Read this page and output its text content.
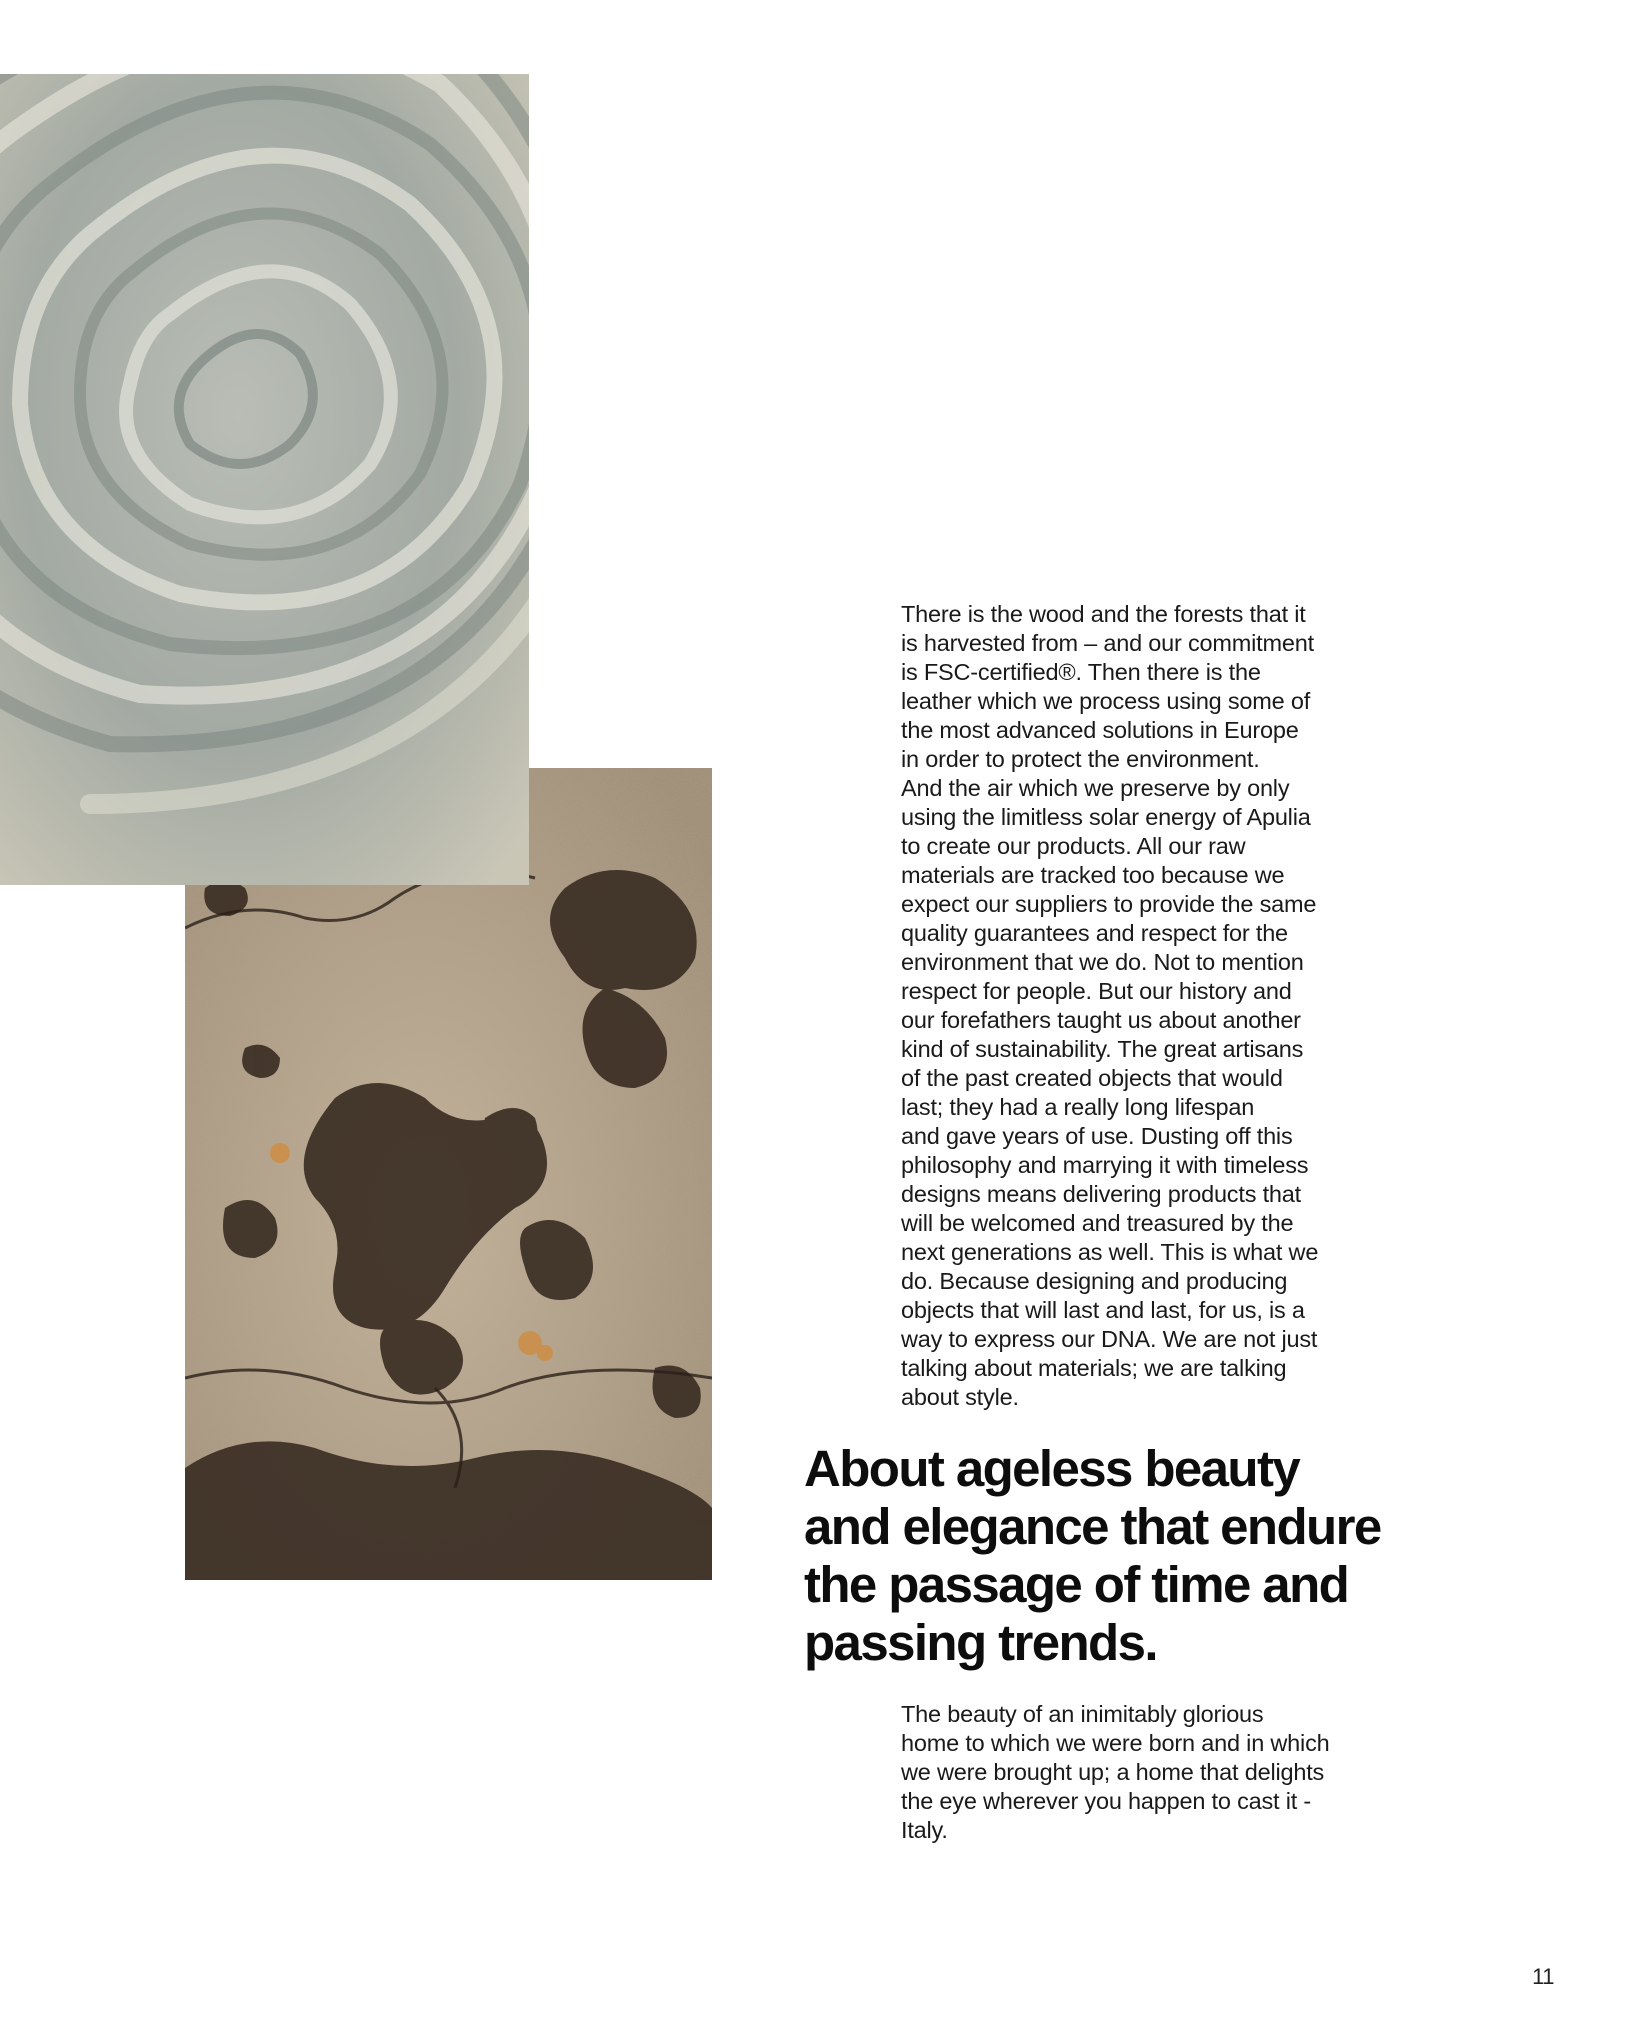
There is the wood and the forests that it
is harvested from – and our commitment
is FSC-certified®. Then there is the
leather which we process using some of
the most advanced solutions in Europe
in order to protect the environment.
And the air which we preserve by only
using the limitless solar energy of Apulia
to create our products. All our raw
materials are tracked too because we
expect our suppliers to provide the same
quality guarantees and respect for the
environment that we do. Not to mention
respect for people. But our history and
our forefathers taught us about another
kind of sustainability. The great artisans
of the past created objects that would
last; they had a really long lifespan
and gave years of use. Dusting off this
philosophy and marrying it with timeless
designs means delivering products that
will be welcomed and treasured by the
next generations as well. This is what we
do. Because designing and producing
objects that will last and last, for us, is a
way to express our DNA. We are not just
talking about materials; we are talking
about style.

About ageless beauty
and elegance that endure
the passage of time and
passing trends.

The beauty of an inimitably glorious
home to which we were born and in which
we were brought up; a home that delights
the eye wherever you happen to cast it -
Italy.

11
